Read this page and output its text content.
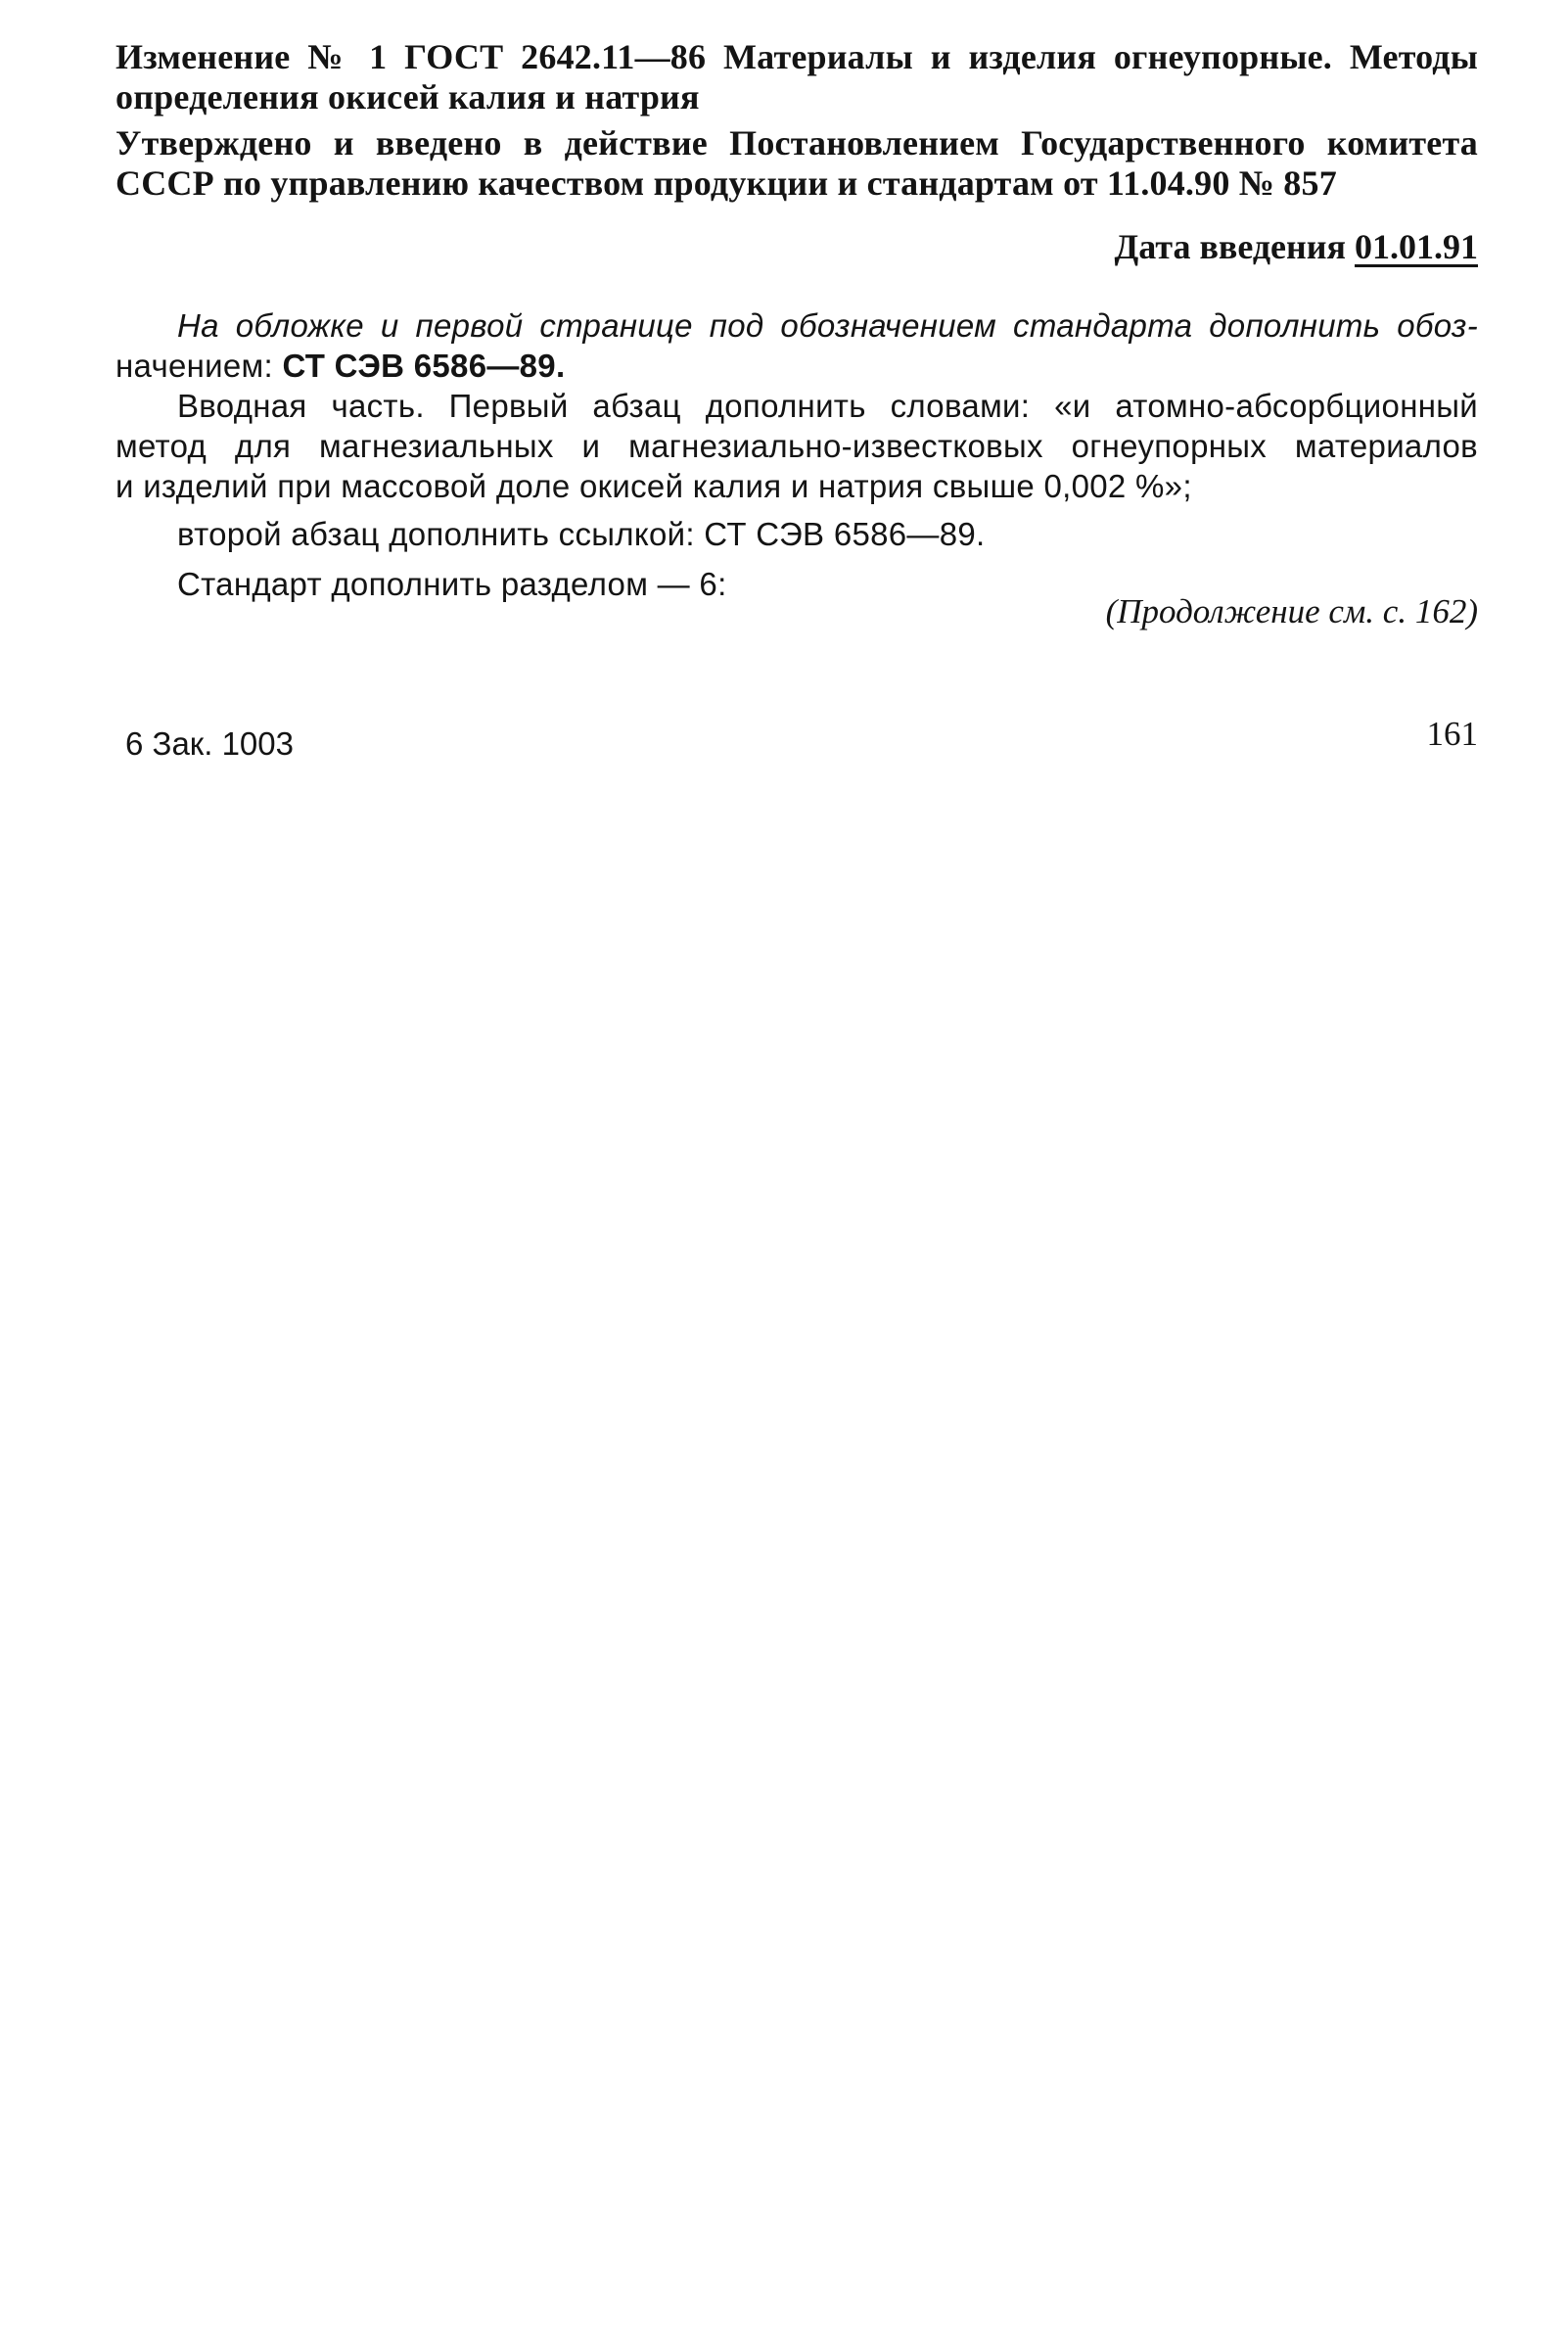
Изменение № 1 ГОСТ 2642.11—86 Материалы и изделия огнеупорные. Методы
определения окисей калия и натрия
Утверждено и введено в действие Постановлением Государственного комитета
СССР по управлению качеством продукции и стандартам от 11.04.90 № 857
Дата введения 01.01.91
На обложке и первой странице под обозначением стандарта дополнить обоз-
начением: СТ СЭВ 6586—89.
Вводная часть. Первый абзац дополнить словами: «и атомно-абсорбционный
метод для магнезиальных и магнезиально-известковых огнеупорных материалов
и изделий при массовой доле окисей калия и натрия свыше 0,002 %»;
второй абзац дополнить ссылкой: СТ СЭВ 6586—89.
Стандарт дополнить разделом — 6:
(Продолжение см. с. 162)
6 Зак. 1003	161
